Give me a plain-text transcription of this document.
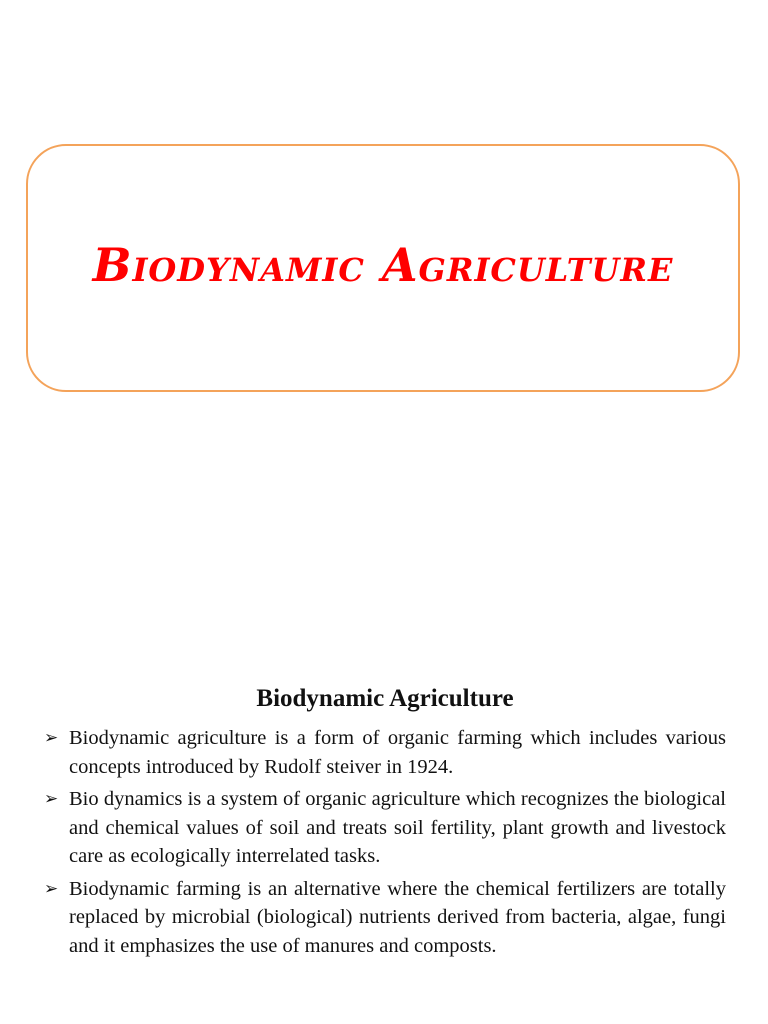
Biodynamic Agriculture
Biodynamic Agriculture

➢ Biodynamic agriculture is a form of organic farming which includes various concepts introduced by Rudolf steiver in 1924.

➢ Bio dynamics is a system of organic agriculture which recognizes the biological and chemical values of soil and treats soil fertility, plant growth and livestock care as ecologically interrelated tasks.

➢ Biodynamic farming is an alternative where the chemical fertilizers are totally replaced by microbial (biological) nutrients derived from bacteria, algae, fungi and it emphasizes the use of manures and composts.
